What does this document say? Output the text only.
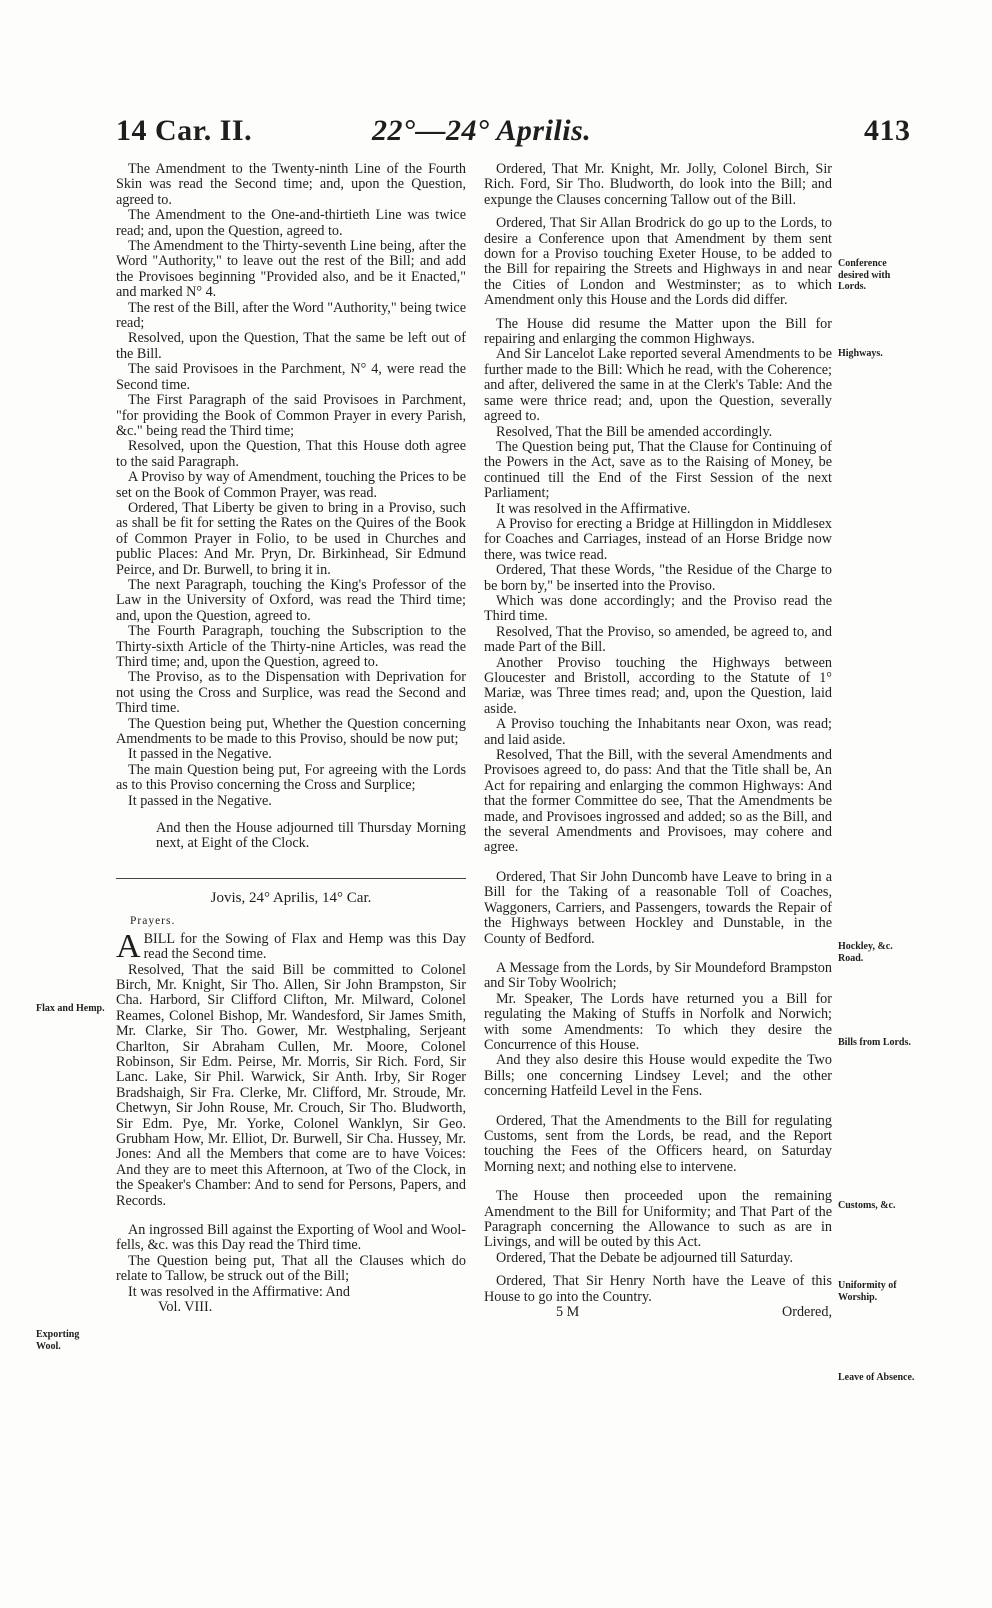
14 Car. II.	22°—24° Aprilis.	413

The Amendment to the Twenty-ninth Line of the Fourth Skin was read the Second time; and, upon the Question, agreed to.

The Amendment to the One-and-thirtieth Line was twice read; and, upon the Question, agreed to.

The Amendment to the Thirty-seventh Line being, after the Word "Authority," to leave out the rest of the Bill; and add the Provisoes beginning "Provided also, and be it Enacted," and marked N° 4.

The rest of the Bill, after the Word "Authority," being twice read;

Resolved, upon the Question, That the same be left out of the Bill.

The said Provisoes in the Parchment, N° 4, were read the Second time.

The First Paragraph of the said Provisoes in Parchment, "for providing the Book of Common Prayer in every Parish, &c." being read the Third time;

Resolved, upon the Question, That this House doth agree to the said Paragraph.

A Proviso by way of Amendment, touching the Prices to be set on the Book of Common Prayer, was read.

Ordered, That Liberty be given to bring in a Proviso, such as shall be fit for setting the Rates on the Quires of the Book of Common Prayer in Folio, to be used in Churches and public Places: And Mr. Pryn, Dr. Birkinhead, Sir Edmund Peirce, and Dr. Burwell, to bring it in.

The next Paragraph, touching the King's Professor of the Law in the University of Oxford, was read the Third time; and, upon the Question, agreed to.

The Fourth Paragraph, touching the Subscription to the Thirty-sixth Article of the Thirty-nine Articles, was read the Third time; and, upon the Question, agreed to.

The Proviso, as to the Dispensation with Deprivation for not using the Cross and Surplice, was read the Second and Third time.

The Question being put, Whether the Question concerning Amendments to be made to this Proviso, should be now put;

It passed in the Negative.

The main Question being put, For agreeing with the Lords as to this Proviso concerning the Cross and Surplice;

It passed in the Negative.

And then the House adjourned till Thursday Morning next, at Eight of the Clock.

Jovis, 24° Aprilis, 14° Car.
Prayers.

A BILL for the Sowing of Flax and Hemp was this Day read the Second time.

Resolved, That the said Bill be committed to Colonel Birch, Mr. Knight, Sir Tho. Allen, Sir John Brampston, Sir Cha. Harbord, Sir Clifford Clifton, Mr. Milward, Colonel Reames, Colonel Bishop, Mr. Wandesford, Sir James Smith, Mr. Clarke, Sir Tho. Gower, Mr. Westphaling, Serjeant Charlton, Sir Abraham Cullen, Mr. Moore, Colonel Robinson, Sir Edm. Peirse, Mr. Morris, Sir Rich. Ford, Sir Lanc. Lake, Sir Phil. Warwick, Sir Anth. Irby, Sir Roger Bradshaigh, Sir Fra. Clerke, Mr. Clifford, Mr. Stroude, Mr. Chetwyn, Sir John Rouse, Mr. Crouch, Sir Tho. Bludworth, Sir Edm. Pye, Mr. Yorke, Colonel Wanklyn, Sir Geo. Grubham How, Mr. Elliot, Dr. Burwell, Sir Cha. Hussey, Mr. Jones: And all the Members that come are to have Voices: And they are to meet this Afternoon, at Two of the Clock, in the Speaker's Chamber: And to send for Persons, Papers, and Records.

An ingrossed Bill against the Exporting of Wool and Wool-fells, &c. was this Day read the Third time.

The Question being put, That all the Clauses which do relate to Tallow, be struck out of the Bill;

It was resolved in the Affirmative: And

Vol. VIII.

Ordered, That Mr. Knight, Mr. Jolly, Colonel Birch, Sir Rich. Ford, Sir Tho. Bludworth, do look into the Bill; and expunge the Clauses concerning Tallow out of the Bill.

Ordered, That Sir Allan Brodrick do go up to the Lords, to desire a Conference upon that Amendment by them sent down for a Proviso touching Exeter House, to be added to the Bill for repairing the Streets and Highways in and near the Cities of London and Westminster; as to which Amendment only this House and the Lords did differ.

The House did resume the Matter upon the Bill for repairing and enlarging the common Highways.

And Sir Lancelot Lake reported several Amendments to be further made to the Bill: Which he read, with the Coherence; and after, delivered the same in at the Clerk's Table: And the same were thrice read; and, upon the Question, severally agreed to.

Resolved, That the Bill be amended accordingly.

The Question being put, That the Clause for Continuing of the Powers in the Act, save as to the Raising of Money, be continued till the End of the First Session of the next Parliament;

It was resolved in the Affirmative.

A Proviso for erecting a Bridge at Hillingdon in Middlesex for Coaches and Carriages, instead of an Horse Bridge now there, was twice read.

Ordered, That these Words, "the Residue of the Charge to be born by," be inserted into the Proviso.

Which was done accordingly; and the Proviso read the Third time.

Resolved, That the Proviso, so amended, be agreed to, and made Part of the Bill.

Another Proviso touching the Highways between Gloucester and Bristoll, according to the Statute of 1° Mariæ, was Three times read; and, upon the Question, laid aside.

A Proviso touching the Inhabitants near Oxon, was read; and laid aside.

Resolved, That the Bill, with the several Amendments and Provisoes agreed to, do pass: And that the Title shall be, An Act for repairing and enlarging the common Highways: And that the former Committee do see, That the Amendments be made, and Provisoes ingrossed and added; so as the Bill, and the several Amendments and Provisoes, may cohere and agree.

Ordered, That Sir John Duncomb have Leave to bring in a Bill for the Taking of a reasonable Toll of Coaches, Waggoners, Carriers, and Passengers, towards the Repair of the Highways between Hockley and Dunstable, in the County of Bedford.

A Message from the Lords, by Sir Moundeford Brampston and Sir Toby Woolrich;

Mr. Speaker, The Lords have returned you a Bill for regulating the Making of Stuffs in Norfolk and Norwich; with some Amendments: To which they desire the Concurrence of this House.

And they also desire this House would expedite the Two Bills; one concerning Lindsey Level; and the other concerning Hatfeild Level in the Fens.

Ordered, That the Amendments to the Bill for regulating Customs, sent from the Lords, be read, and the Report touching the Fees of the Officers heard, on Saturday Morning next; and nothing else to intervene.

The House then proceeded upon the remaining Amendment to the Bill for Uniformity; and That Part of the Paragraph concerning the Allowance to such as are in Livings, and will be outed by this Act.

Ordered, That the Debate be adjourned till Saturday.

Ordered, That Sir Henry North have the Leave of this House to go into the Country.

5 M	Ordered,

Conference desired with Lords.
Highways.
Hockley, &c. Road.
Bills from Lords.
Customs, &c.
Uniformity of Worship.
Leave of Absence.
Flax and Hemp.
Exporting Wool.
